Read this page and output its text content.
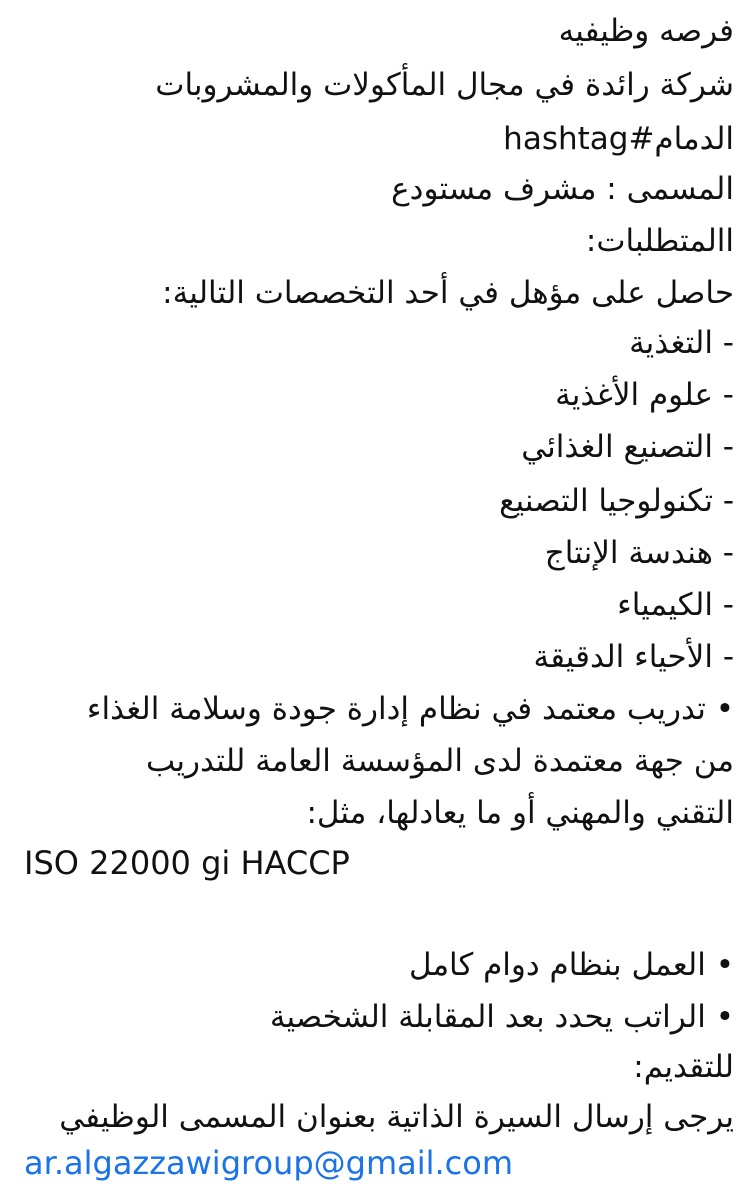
فرصه وظيفيه
شركة رائدة في مجال المأكولات والمشروبات
hashtag#الدمام
المسمى : مشرف مستودع
االمتطلبات:
حاصل على مؤهل في أحد التخصصات التالية:
- التغذية
- علوم الأغذية
- التصنيع الغذائي
- تكنولوجيا التصنيع
- هندسة الإنتاج
- الكيمياء
- الأحياء الدقيقة
• تدريب معتمد في نظام إدارة جودة وسلامة الغذاء
من جهة معتمدة لدى المؤسسة العامة للتدريب
التقني والمهني أو ما يعادلها، مثل:
ISO 22000 gi HACCP
• العمل بنظام دوام كامل
• الراتب يحدد بعد المقابلة الشخصية
للتقديم:
يرجى إرسال السيرة الذاتية بعنوان المسمى الوظيفي
ar.algazzawigroup@gmail.com
